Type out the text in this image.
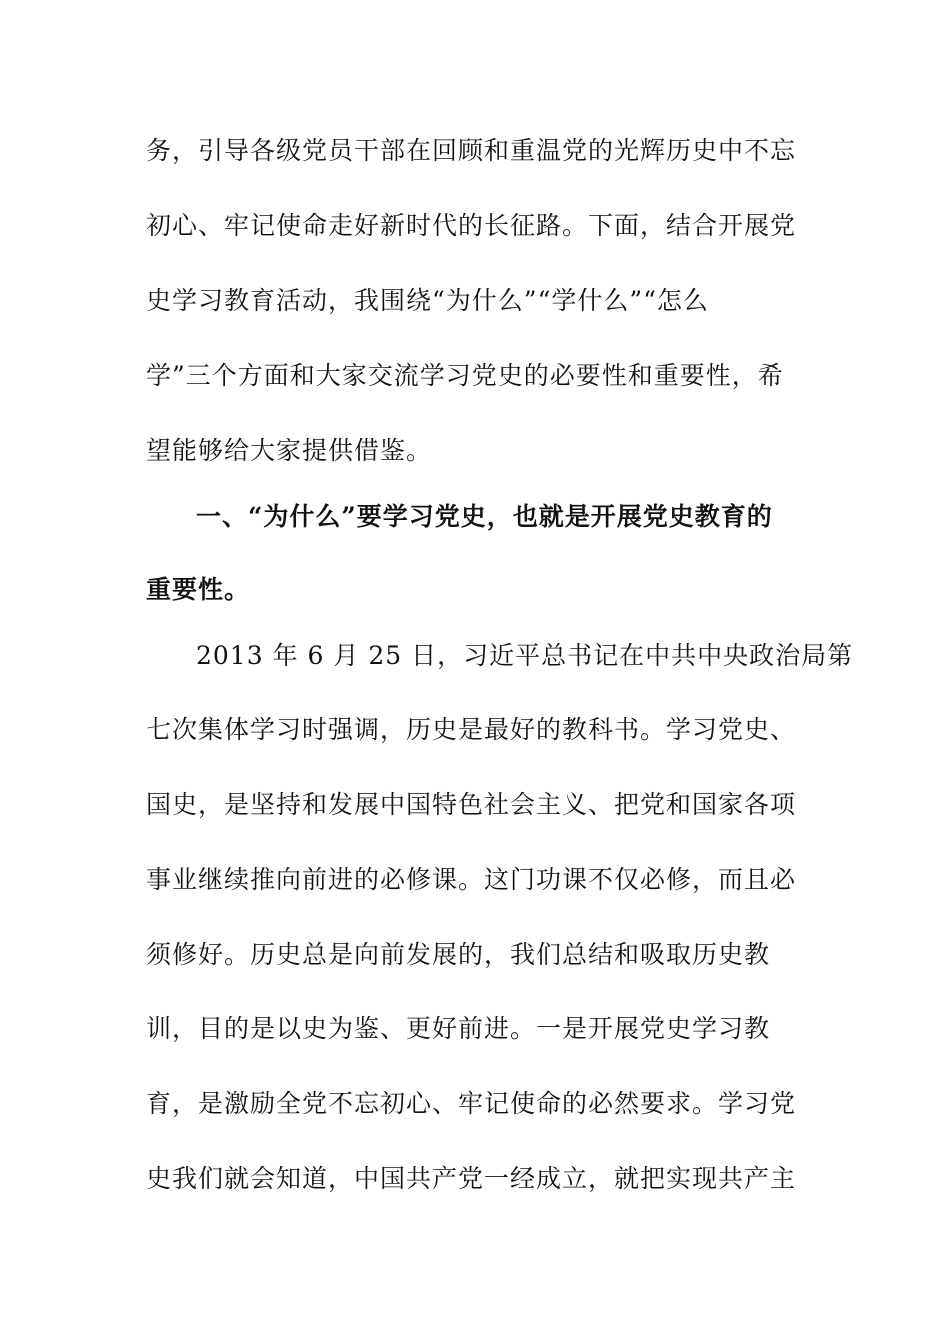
务，引导各级党员干部在回顾和重温党的光辉历史中不忘
初心、牢记使命走好新时代的长征路。下面，结合开展党
史学习教育活动，我围绕“为什么”“学什么”“怎么
学”三个方面和大家交流学习党史的必要性和重要性，希
望能够给大家提供借鉴。
一、“为什么”要学习党史，也就是开展党史教育的
重要性。
2013 年 6 月 25 日，习近平总书记在中共中央政治局第
七次集体学习时强调，历史是最好的教科书。学习党史、
国史，是坚持和发展中国特色社会主义、把党和国家各项
事业继续推向前进的必修课。这门功课不仅必修，而且必
须修好。历史总是向前发展的，我们总结和吸取历史教
训，目的是以史为鉴、更好前进。一是开展党史学习教
育，是激励全党不忘初心、牢记使命的必然要求。学习党
史我们就会知道，中国共产党一经成立，就把实现共产主
